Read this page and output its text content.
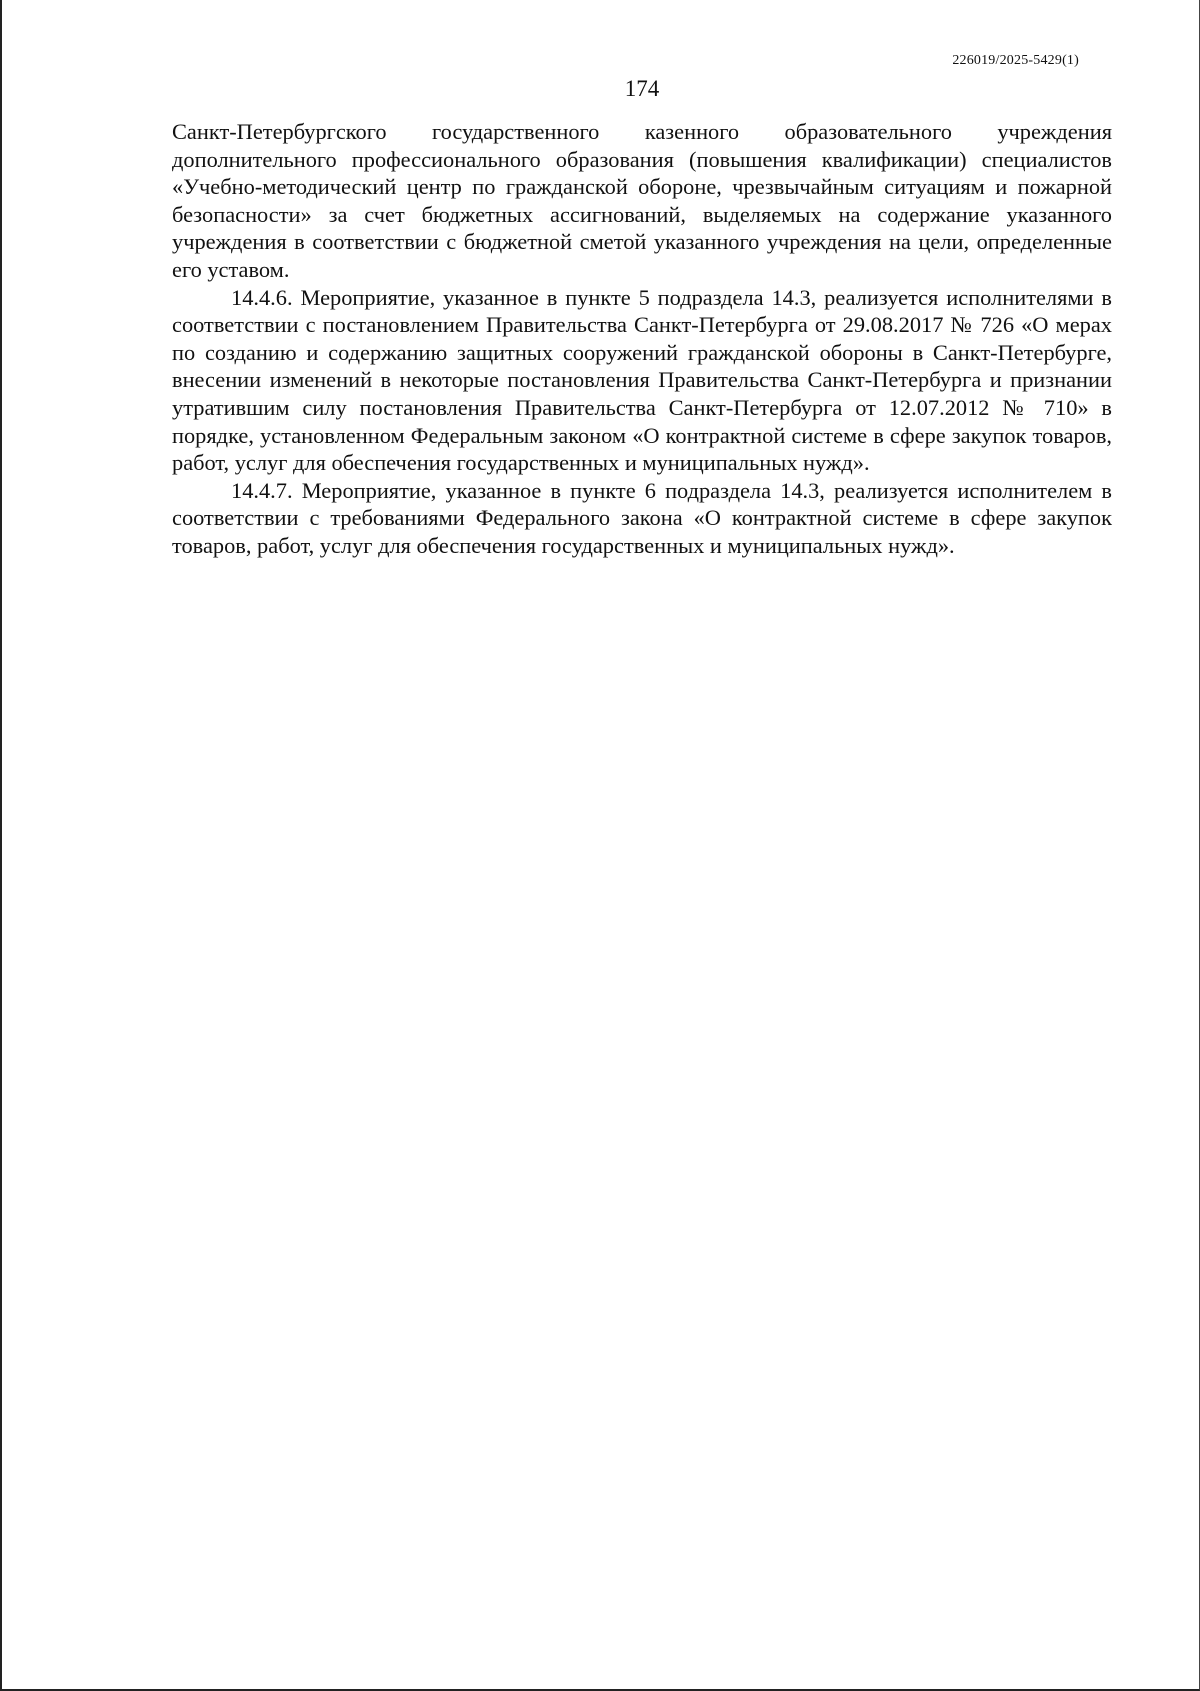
226019/2025-5429(1)
174

Санкт-Петербургского государственного казенного образовательного учреждения дополнительного профессионального образования (повышения квалификации) специалистов «Учебно-методический центр по гражданской обороне, чрезвычайным ситуациям и пожарной безопасности» за счет бюджетных ассигнований, выделяемых на содержание указанного учреждения в соответствии с бюджетной сметой указанного учреждения на цели, определенные его уставом.

14.4.6. Мероприятие, указанное в пункте 5 подраздела 14.3, реализуется исполнителями в соответствии с постановлением Правительства Санкт-Петербурга от 29.08.2017 № 726 «О мерах по созданию и содержанию защитных сооружений гражданской обороны в Санкт-Петербурге, внесении изменений в некоторые постановления Правительства Санкт-Петербурга и признании утратившим силу постановления Правительства Санкт-Петербурга от 12.07.2012 № 710» в порядке, установленном Федеральным законом «О контрактной системе в сфере закупок товаров, работ, услуг для обеспечения государственных и муниципальных нужд».

14.4.7. Мероприятие, указанное в пункте 6 подраздела 14.3, реализуется исполнителем в соответствии с требованиями Федерального закона «О контрактной системе в сфере закупок товаров, работ, услуг для обеспечения государственных и муниципальных нужд».
